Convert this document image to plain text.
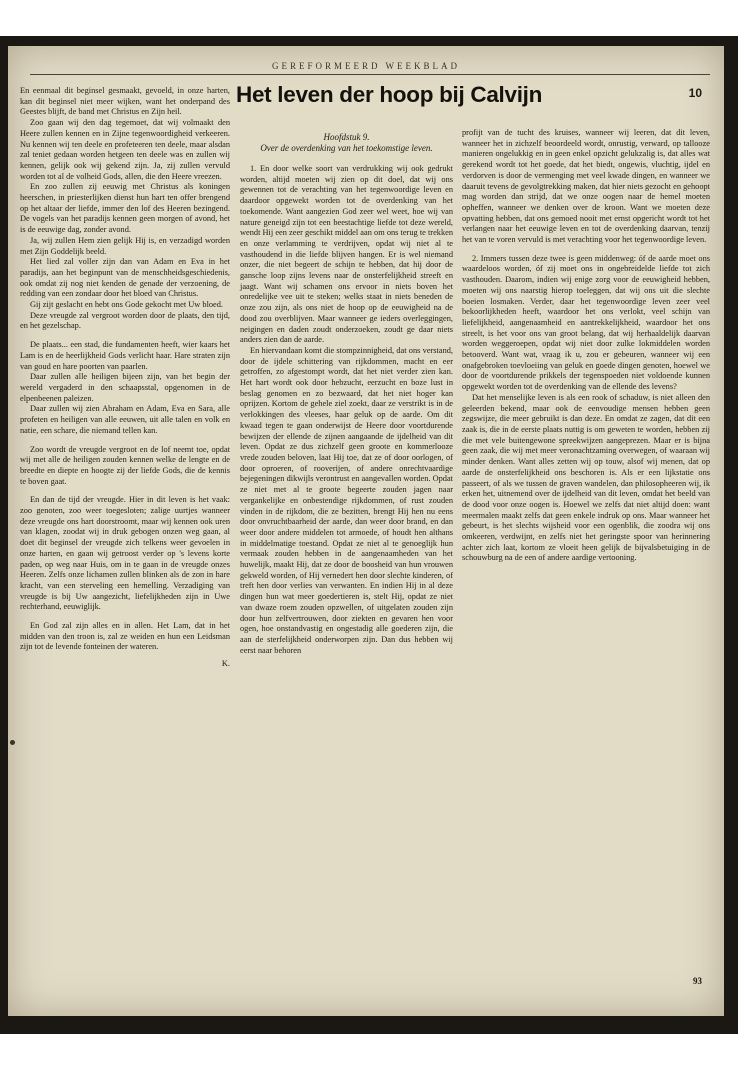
GEREFORMEERD WEEKBLAD
10
Het leven der hoop bij Calvijn
Hoofdstuk 9.
Over de overdenking van het toekomstige leven.

En eenmaal dit beginsel gesmaakt, gevoeld, in onze harten, kan dit beginsel niet meer wijken, want het onderpand des Geestes blijft, de band met Christus en Zijn heil.

Zoo gaan wij den dag tegemoet, dat wij volmaakt den Heere zullen kennen en in Zijne tegenwoordigheid verkeeren. Nu kennen wij ten deele en profeteeren ten deele, maar alsdan zal teniet gedaan worden hetgeen ten deele was en zullen wij kennen, gelijk ook wij gekend zijn. Ja, zij zullen vervuld worden tot al de volheid Gods, allen, die den Heere vreezen.

En zoo zullen zij eeuwig met Christus als koningen heerschen, in priesterlijken dienst hun hart ten offer brengend op het altaar der liefde, immer den lof des Heeren bezingend. De vogels van het paradijs kennen geen morgen of avond, het is de eeuwige dag, zonder avond.

Ja, wij zullen Hem zien gelijk Hij is, en verzadigd worden met Zijn Goddelijk beeld.

Het lied zal voller zijn dan van Adam en Eva in het paradijs, aan het beginpunt van de menschheidsgeschiedenis, ook omdat zij nog niet kenden de genade der verzoening, de redding van een zondaar door het bloed van Christus.

Gij zijt geslacht en hebt ons Gode gekocht met Uw bloed.

Deze vreugde zal vergroot worden door de plaats, den tijd, en het gezelschap.

De plaats... een stad, die fundamenten heeft, wier kaars het Lam is en de heerlijkheid Gods verlicht haar. Hare straten zijn van goud en hare poorten van paarlen.

Daar zullen alle heiligen bijeen zijn, van het begin der wereld vergaderd in den schaapsstal, opgenomen in de elpenbeenen paleizen.

Daar zullen wij zien Abraham en Adam, Eva en Sara, alle profeten en heiligen van alle eeuwen, uit alle talen en volk en natie, een schare, die niemand tellen kan.

Zoo wordt de vreugde vergroot en de lof neemt toe, opdat wij met alle de heiligen zouden kennen welke de lengte en de breedte en diepte en hoogte zij der liefde Gods, die de kennis te boven gaat.

En dan de tijd der vreugde. Hier in dit leven is het vaak: zoo genoten, zoo weer toegesloten; zalige uurtjes wanneer deze vreugde ons hart doorstroomt, maar wij kennen ook uren van klagen, zoodat wij in druk gebogen onzen weg gaan, al doet dit beginsel der vreugde zich telkens weer gevoelen in onze harten, en gaan wij getroost verder op 's levens korte paden, op weg naar Huis, om in te gaan in de vreugde onzes Heeren. Zelfs onze lichamen zullen blinken als de zon in hare kracht, van een sterveling een hemelling. Verzadiging van vreugde is bij Uw aangezicht, liefelijkheden zijn in Uwe rechterhand, eeuwiglijk.

En God zal zijn alles en in allen. Het Lam, dat in het midden van den troon is, zal ze weiden en hun een Leidsman zijn tot de levende fonteinen der wateren.

K.

1. En door welke soort van verdrukking wij ook gedrukt worden, altijd moeten wij zien op dit doel, dat wij ons gewennen tot de verachting van het tegenwoordige leven en daardoor opgewekt worden tot de overdenking van het toekomende. Want aangezien God zeer wel weet, hoe wij van nature geneigd zijn tot een beestachtige liefde tot deze wereld, wendt Hij een zeer geschikt middel aan om ons terug te trekken en onze verlamming te verdrijven, opdat wij niet al te vasthoudend in die liefde blijven hangen. Er is wel niemand onzer, die niet begeert de schijn te hebben, dat hij door de gansche loop zijns levens naar de onsterfelijkheid streeft en jaagt. Want wij schamen ons ervoor in niets boven het onredelijke vee uit te steken; welks staat in niets beneden de onze zou zijn, als ons niet de hoop op de eeuwigheid na de dood zou overblijven. Maar wanneer ge ieders overleggingen, neigingen en daden zoudt onderzoeken, zoudt ge daar niets anders zien dan de aarde.

En hiervandaan komt die stompzinnigheid, dat ons verstand, door de ijdele schittering van rijkdommen, macht en eer getroffen, zo afgestompt wordt, dat het niet verder zien kan. Het hart wordt ook door hebzucht, eerzucht en boze lust in beslag genomen en zo bezwaard, dat het niet hoger kan oprijzen. Kortom de gehele ziel zoekt, daar ze verstrikt is in de verlokkingen des vleeses, haar geluk op de aarde. Om dit kwaad tegen te gaan onderwijst de Heere door voortdurende bewijzen der ellende de zijnen aangaande de ijdelheid van dit leven. Opdat ze dus zichzelf geen groote en kommerlooze vrede zouden beloven, laat Hij toe, dat ze of door oorlogen, of door oproeren, of rooverijen, of andere onrechtvaardige bejegeningen dikwijls verontrust en aangevallen worden. Opdat ze niet met al te groote begeerte zouden jagen naar vergankelijke en onbestendige rijkdommen, of rust zouden vinden in de rijkdom, die ze bezitten, brengt Hij hen nu eens door onvruchtbaarheid der aarde, dan weer door brand, en dan weer door andere middelen tot armoede, of houdt hen althans in middelmatige toestand. Opdat ze niet al te genoeglijk hun vermaak zouden hebben in de aangenaamheden van het huwelijk, maakt Hij, dat ze door de boosheid van hun vrouwen gekweld worden, of Hij vernedert hen door slechte kinderen, of treft hen door verlies van verwanten. En indien Hij in al deze dingen hun wat meer goedertieren is, stelt Hij, opdat ze niet van dwaze roem zouden opzwellen, of uitgelaten zouden zijn door hun zelfvertrouwen, door ziekten en gevaren hen voor ogen, hoe onstandvastig en ongestadig alle goederen zijn, die aan de sterfelijkheid onderworpen zijn. Dan dus hebben wij eerst naar behoren

profijt van de tucht des kruises, wanneer wij leeren, dat dit leven, wanneer het in zichzelf beoordeeld wordt, onrustig, verward, op tallooze manieren ongelukkig en in geen enkel opzicht gelukzalig is, dat alles wat gerekend wordt tot het goede, dat het biedt, ongewis, vluchtig, ijdel en verdorven is door de vermenging met veel kwade dingen, en wanneer we daaruit tevens de gevolgtrekking maken, dat hier niets gezocht en gehoopt mag worden dan strijd, dat we onze oogen naar de hemel moeten opheffen, wanneer we denken over de kroon. Want we moeten deze opvatting hebben, dat ons gemoed nooit met ernst opgericht wordt tot het verlangen naar het eeuwige leven en tot de overdenking daarvan, tenzij het van te voren vervuld is met verachting voor het tegenwoordige leven.

2. Immers tussen deze twee is geen middenweg: óf de aarde moet ons waardeloos worden, óf zij moet ons in ongebreidelde liefde tot zich vasthouden. Daarom, indien wij enige zorg voor de eeuwigheid hebben, moeten wij ons naarstig hierop toeleggen, dat wij ons uit die slechte boeien losmaken. Verder, daar het tegenwoordige leven zeer veel bekoorlijkheden heeft, waardoor het ons verlokt, veel schijn van liefelijkheid, aangenaamheid en aantrekkelijkheid, waardoor het ons streelt, is het voor ons van groot belang, dat wij herhaaldelijk daarvan worden weggeroepen, opdat wij niet door zulke lokmiddelen worden betooverd. Want wat, vraag ik u, zou er gebeuren, wanneer wij een onafgebroken toevloeiing van geluk en goede dingen genoten, hoewel we door de voortdurende prikkels der tegenspoeden niet voldoende kunnen opgewekt worden tot de overdenking van de ellende des levens?

Dat het menselijke leven is als een rook of schaduw, is niet alleen den geleerden bekend, maar ook de eenvoudige mensen hebben geen zegswijze, die meer gebruikt is dan deze. En omdat ze zagen, dat dit een zaak is, die in de eerste plaats nuttig is om geweten te worden, hebben zij die met vele buitengewone spreekwijzen aangeprezen. Maar er is bijna geen zaak, die wij met meer veronachtzaming overwegen, of waaraan wij minder denken. Want alles zetten wij op touw, alsof wij menen, dat op aarde de onsterfelijkheid ons beschoren is. Als er een lijkstatie ons passeert, of als we tussen de graven wandelen, dan philosopheeren wij, ik erken het, uitnemend over de ijdelheid van dit leven, omdat het beeld van de dood voor onze oogen is. Hoewel we zelfs dat niet altijd doen: want meermalen maakt zelfs dat geen enkele indruk op ons. Maar wanneer het gebeurt, is het slechts wijsheid voor een ogenblik, die zoodra wij ons omkeeren, verdwijnt, en zelfs niet het geringste spoor van herinnering achter zich laat, kortom ze vloeit heen gelijk de bijvalsbetuiging in de schouwburg na de een of andere aardige vertooning.

93
